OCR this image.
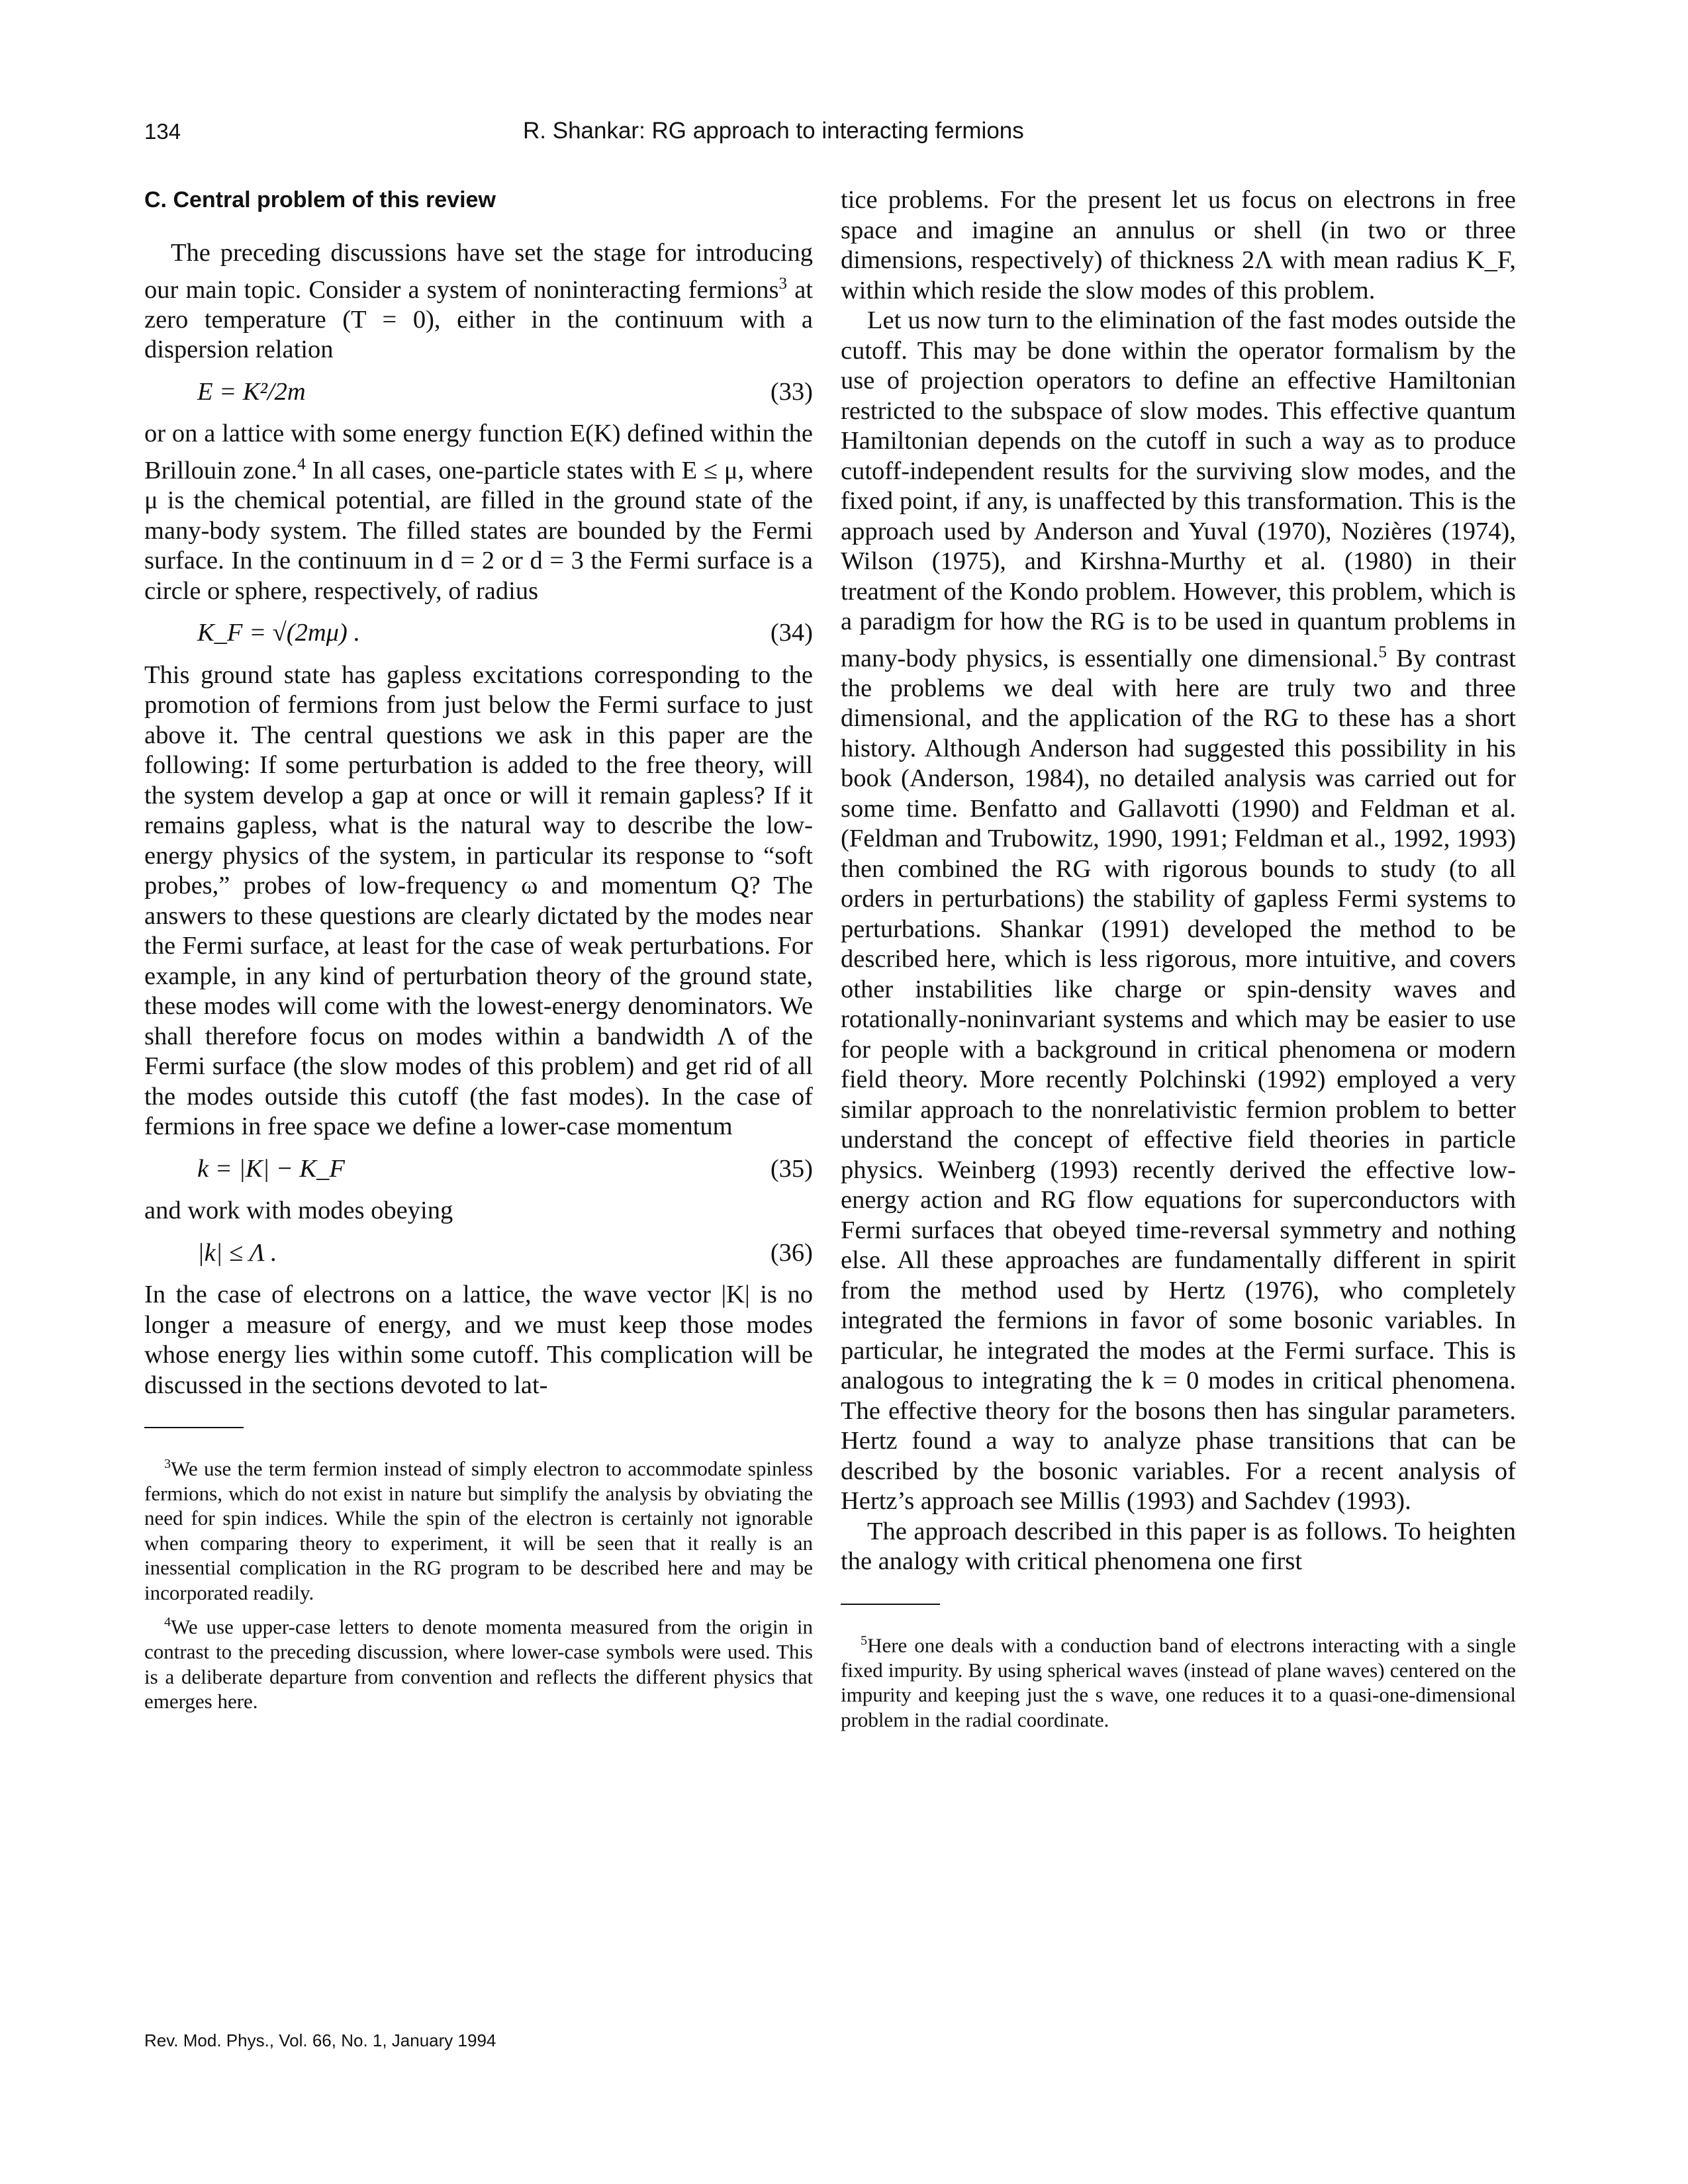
134	R. Shankar: RG approach to interacting fermions
C. Central problem of this review

The preceding discussions have set the stage for introducing our main topic. Consider a system of noninteracting fermions$^3$ at zero temperature (T = 0), either in the continuum with a dispersion relation

E = K²/2m	(33)

or on a lattice with some energy function E(K) defined within the Brillouin zone.$^4$ In all cases, one-particle states with E ≤ μ, where μ is the chemical potential, are filled in the ground state of the many-body system. The filled states are bounded by the Fermi surface. In the continuum in d = 2 or d = 3 the Fermi surface is a circle or sphere, respectively, of radius

K_F = √(2mμ) .	(34)

This ground state has gapless excitations corresponding to the promotion of fermions from just below the Fermi surface to just above it. The central questions we ask in this paper are the following: If some perturbation is added to the free theory, will the system develop a gap at once or will it remain gapless? If it remains gapless, what is the natural way to describe the low-energy physics of the system, in particular its response to “soft probes,” probes of low-frequency ω and momentum Q? The answers to these questions are clearly dictated by the modes near the Fermi surface, at least for the case of weak perturbations. For example, in any kind of perturbation theory of the ground state, these modes will come with the lowest-energy denominators. We shall therefore focus on modes within a bandwidth Λ of the Fermi surface (the slow modes of this problem) and get rid of all the modes outside this cutoff (the fast modes). In the case of fermions in free space we define a lower-case momentum

k = |K| − K_F	(35)

and work with modes obeying

|k| ≤ Λ .	(36)

In the case of electrons on a lattice, the wave vector |K| is no longer a measure of energy, and we must keep those modes whose energy lies within some cutoff. This complication will be discussed in the sections devoted to lat-

$^3$We use the term fermion instead of simply electron to accommodate spinless fermions, which do not exist in nature but simplify the analysis by obviating the need for spin indices. While the spin of the electron is certainly not ignorable when comparing theory to experiment, it will be seen that it really is an inessential complication in the RG program to be described here and may be incorporated readily.

$^4$We use upper-case letters to denote momenta measured from the origin in contrast to the preceding discussion, where lower-case symbols were used. This is a deliberate departure from convention and reflects the different physics that emerges here.

tice problems. For the present let us focus on electrons in free space and imagine an annulus or shell (in two or three dimensions, respectively) of thickness 2Λ with mean radius K_F, within which reside the slow modes of this problem.

Let us now turn to the elimination of the fast modes outside the cutoff. This may be done within the operator formalism by the use of projection operators to define an effective Hamiltonian restricted to the subspace of slow modes. This effective quantum Hamiltonian depends on the cutoff in such a way as to produce cutoff-independent results for the surviving slow modes, and the fixed point, if any, is unaffected by this transformation. This is the approach used by Anderson and Yuval (1970), Nozières (1974), Wilson (1975), and Kirshna-Murthy et al. (1980) in their treatment of the Kondo problem. However, this problem, which is a paradigm for how the RG is to be used in quantum problems in many-body physics, is essentially one dimensional.$^5$ By contrast the problems we deal with here are truly two and three dimensional, and the application of the RG to these has a short history. Although Anderson had suggested this possibility in his book (Anderson, 1984), no detailed analysis was carried out for some time. Benfatto and Gallavotti (1990) and Feldman et al. (Feldman and Trubowitz, 1990, 1991; Feldman et al., 1992, 1993) then combined the RG with rigorous bounds to study (to all orders in perturbations) the stability of gapless Fermi systems to perturbations. Shankar (1991) developed the method to be described here, which is less rigorous, more intuitive, and covers other instabilities like charge or spin-density waves and rotationally-noninvariant systems and which may be easier to use for people with a background in critical phenomena or modern field theory. More recently Polchinski (1992) employed a very similar approach to the nonrelativistic fermion problem to better understand the concept of effective field theories in particle physics. Weinberg (1993) recently derived the effective low-energy action and RG flow equations for superconductors with Fermi surfaces that obeyed time-reversal symmetry and nothing else. All these approaches are fundamentally different in spirit from the method used by Hertz (1976), who completely integrated the fermions in favor of some bosonic variables. In particular, he integrated the modes at the Fermi surface. This is analogous to integrating the k = 0 modes in critical phenomena. The effective theory for the bosons then has singular parameters. Hertz found a way to analyze phase transitions that can be described by the bosonic variables. For a recent analysis of Hertz’s approach see Millis (1993) and Sachdev (1993).

The approach described in this paper is as follows. To heighten the analogy with critical phenomena one first

$^5$Here one deals with a conduction band of electrons interacting with a single fixed impurity. By using spherical waves (instead of plane waves) centered on the impurity and keeping just the s wave, one reduces it to a quasi-one-dimensional problem in the radial coordinate.

Rev. Mod. Phys., Vol. 66, No. 1, January 1994
